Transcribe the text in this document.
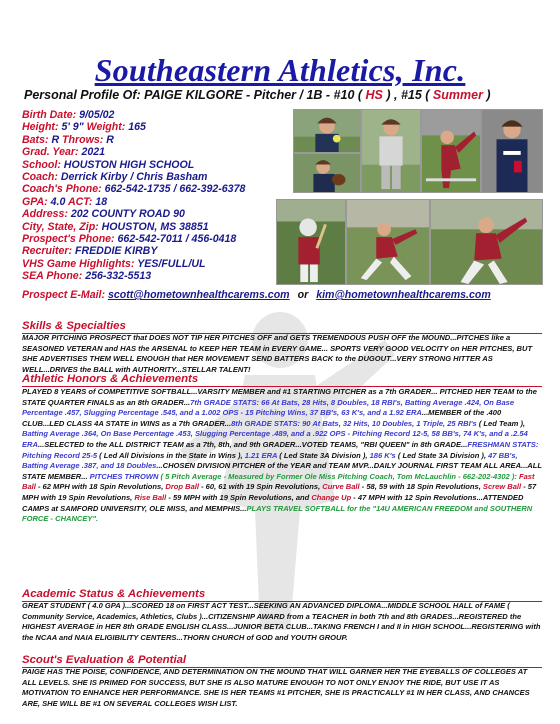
Southeastern Athletics, Inc.
Personal Profile Of: PAIGE KILGORE - Pitcher / 1B - #10 ( HS ) , #15 ( Summer )
Birth Date: 9/05/02
Height: 5' 9" Weight: 165
Bats: R Throws: R
Grad. Year: 2021
School: HOUSTON HIGH SCHOOL
Coach: Derrick Kirby / Chris Basham
Coach's Phone: 662-542-1735 / 662-392-6378
GPA: 4.0 ACT: 18
Address: 202 COUNTY ROAD 90
City, State, Zip: HOUSTON, MS 38851
Prospect's Phone: 662-542-7011 / 456-0418
Recruiter: FREDDIE KIRBY
VHS Game Highlights: YES/FULL/UL
SEA Phone: 256-332-5513
Prospect E-Mail: scott@hometownhealthcarems.com or kim@hometownhealthcarems.com
Skills & Specialties
MAJOR PITCHING PROSPECT that DOES NOT TIP HER PITCHES OFF and GETS TREMENDOUS PUSH OFF the MOUND...PITCHES like a SEASONED VETERAN and HAS the ARSENAL to KEEP HER TEAM in EVERY GAME... SPORTS VERY GOOD VELOCITY on HER PITCHES, BUT SHE ADVERTISES THEM WELL ENOUGH that HER MOVEMENT SEND BATTERS BACK to the DUGOUT...VERY STRONG HITTER AS WELL...DRIVES the BALL with AUTHORITY...STELLAR TALENT!
Athletic Honors & Achievements
PLAYED 8 YEARS of COMPETITIVE SOFTBALL...VARSITY MEMBER and #1 STARTING PITCHER as a 7th GRADER... PITCHED HER TEAM to the STATE QUARTER FINALS as an 8th GRADER...7th GRADE STATS: 66 At Bats, 28 Hits, 8 Doubles, 18 RBI's, Batting Average .424, On Base Percentage .457, Slugging Percentage .545, and a 1.002 OPS - 15 Pitching Wins, 37 BB's, 63 K's, and a 1.92 ERA...MEMBER of the .400 CLUB...LED CLASS 4A STATE in WINS as a 7th GRADER...8th GRADE STATS: 90 At Bats, 32 Hits, 10 Doubles, 1 Triple, 25 RBI's ( Led Team ), Batting Average .364, On Base Percentage .453, Slugging Percentage .489, and a .922 OPS - Pitching Record 12-5, 58 BB's, 74 K's, and a .2.54 ERA...SELECTED to the ALL DISTRICT TEAM as a 7th, 8th, and 9th GRADER...VOTED TEAMS, "RBI QUEEN" in 8th GRADE...FRESHMAN STATS: Pitching Record 25-5 ( Led All Divisions in the State in Wins ), 1.21 ERA ( Led State 3A Division ), 186 K's ( Led State 3A Division ), 47 BB's, Batting Average .387, and 18 Doubles...CHOSEN DIVISION PITCHER of the YEAR and TEAM MVP...DAILY JOURNAL FIRST TEAM ALL AREA...ALL STATE MEMBER... PITCHES THROWN ( 5 Pitch Average - Measured by Former Ole Miss Pitching Coach, Tom McLauchlin - 662-202-4302 ): Fast Ball - 62 MPH with 18 Spin Revolutions, Drop Ball - 60, 61 with 19 Spin Revolutions, Curve Ball - 58, 59 with 18 Spin Revolutions, Screw Ball - 57 MPH with 19 Spin Revolutions, Rise Ball - 59 MPH with 19 Spin Revolutions, and Change Up - 47 MPH with 12 Spin Revolutions...ATTENDED CAMPS at SAMFORD UNIVERSITY, OLE MISS, and MEMPHIS...PLAYS TRAVEL SOFTBALL for the "14U AMERICAN FREEDOM and SOUTHERN FORCE - CHANCEY".
Academic Status & Achievements
GREAT STUDENT ( 4.0 GPA )...SCORED 18 on FIRST ACT TEST...SEEKING AN ADVANCED DIPLOMA...MIDDLE SCHOOL HALL of FAME ( Community Service, Academics, Athletics, Clubs )...CITIZENSHIP AWARD from a TEACHER in both 7th and 8th GRADES...REGISTERED the HIGHEST AVERAGE in HER 8th GRADE ENGLISH CLASS...JUNIOR BETA CLUB...TAKING FRENCH I and II in HIGH SCHOOL...REGISTERING with the NCAA and NAIA ELIGIBILITY CENTERS...THORN CHURCH of GOD and YOUTH GROUP.
Scout's Evaluation & Potential
PAIGE HAS THE POISE, CONFIDENCE, AND DETERMINATION ON THE MOUND THAT WILL GARNER HER THE EYEBALLS OF COLLEGES AT ALL LEVELS. SHE IS PRIMED FOR SUCCESS, BUT SHE IS ALSO MATURE ENOUGH TO NOT ONLY ENJOY THE RIDE, BUT USE IT AS MOTIVATION TO ENHANCE HER PERFORMANCE. SHE IS HER TEAMS #1 PITCHER, SHE IS PRACTICALLY #1 IN HER CLASS, AND CHANCES ARE, SHE WILL BE #1 ON SEVERAL COLLEGES WISH LIST.
